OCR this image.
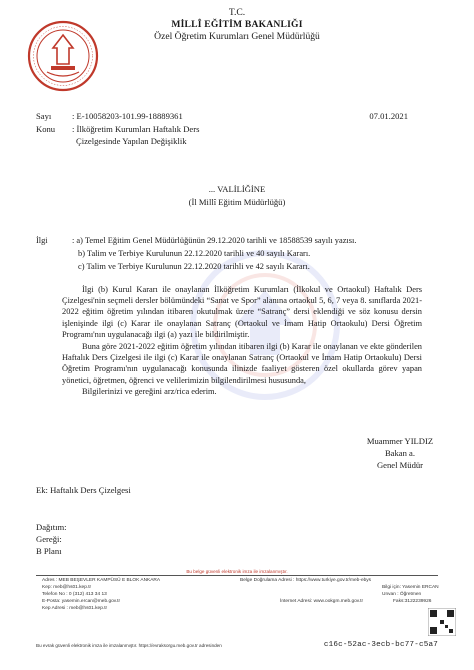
T.C.
MİLLÎ EĞİTİM BAKANLIĞI
Özel Öğretim Kurumları Genel Müdürlüğü
Sayı	: E-10058203-101.99-18889361	07.01.2021
Konu	: İlköğretim Kurumları Haftalık Ders
Çizelgesinde Yapılan Değişiklik
... VALİLİĞİNE
(İl Millî Eğitim Müdürlüğü)
İlgi	: a) Temel Eğitim Genel Müdürlüğünün 29.12.2020 tarihli ve 18588539 sayılı yazısı.
b) Talim ve Terbiye Kurulunun 22.12.2020 tarihli ve 40 sayılı Kararı.
c) Talim ve Terbiye Kurulunun 22.12.2020 tarihli ve 42 sayılı Kararı.
İlgi (b) Kurul Kararı ile onaylanan İlköğretim Kurumları (İlkokul ve Ortaokul) Haftalık Ders Çizelgesi'nin seçmeli dersler bölümündeki “Sanat ve Spor” alanına ortaokul 5, 6, 7 veya 8. sınıflarda 2021-2022 eğitim öğretim yılından itibaren okutulmak üzere “Satranç” dersi eklendiği ve söz konusu dersin işlenişinde ilgi (c) Karar ile onaylanan Satranç (Ortaokul ve İmam Hatip Ortaokulu) Dersi Öğretim Programı'nın uygulanacağı ilgi (a) yazı ile bildirilmiştir.
Buna göre 2021-2022 eğitim öğretim yılından itibaren ilgi (b) Karar ile onaylanan ve ekte gönderilen Haftalık Ders Çizelgesi ile ilgi (c) Karar ile onaylanan Satranç (Ortaokul ve İmam Hatip Ortaokulu) Dersi Öğretim Programı'nın uygulanacağı konusunda ilinizde faaliyet gösteren özel okullarda görev yapan yönetici, öğretmen, öğrenci ve velilerimizin bilgilendirilmesi hususunda,
Bilgilerinizi ve gereğini arz/rica ederim.
Muammer YILDIZ
Bakan a.
Genel Müdür
Ek: Haftalık Ders Çizelgesi
Dağıtım:
Gereği:
B Planı
Bu belge güvenli elektronik imza ile imzalanmıştır.
Adres : MEB BEŞEVLER KAMPÜSÜ E BLOK ANKARA
Kep: meb@hs01.kep.tr
Telefon No : 0 (312) 413 34 13
E-Posta: yasemin.ercan@meb.gov.tr
Kep Adresi : meb@hs01.kep.tr
Belge Doğrulama Adresi : https://www.turkiye.gov.tr/meb-ebys
Bilgi için: Yasemin ERCAN
Unvan : Öğretmen
İnternet Adresi: www.ookgm.meb.gov.tr	Faks:3122239926
Bu evrak güvenli elektronik imza ile imzalanmıştır. https://evraksorgu.meb.gov.tr adresinden	c16c-52ac-3ecb-bc77-c5a7
